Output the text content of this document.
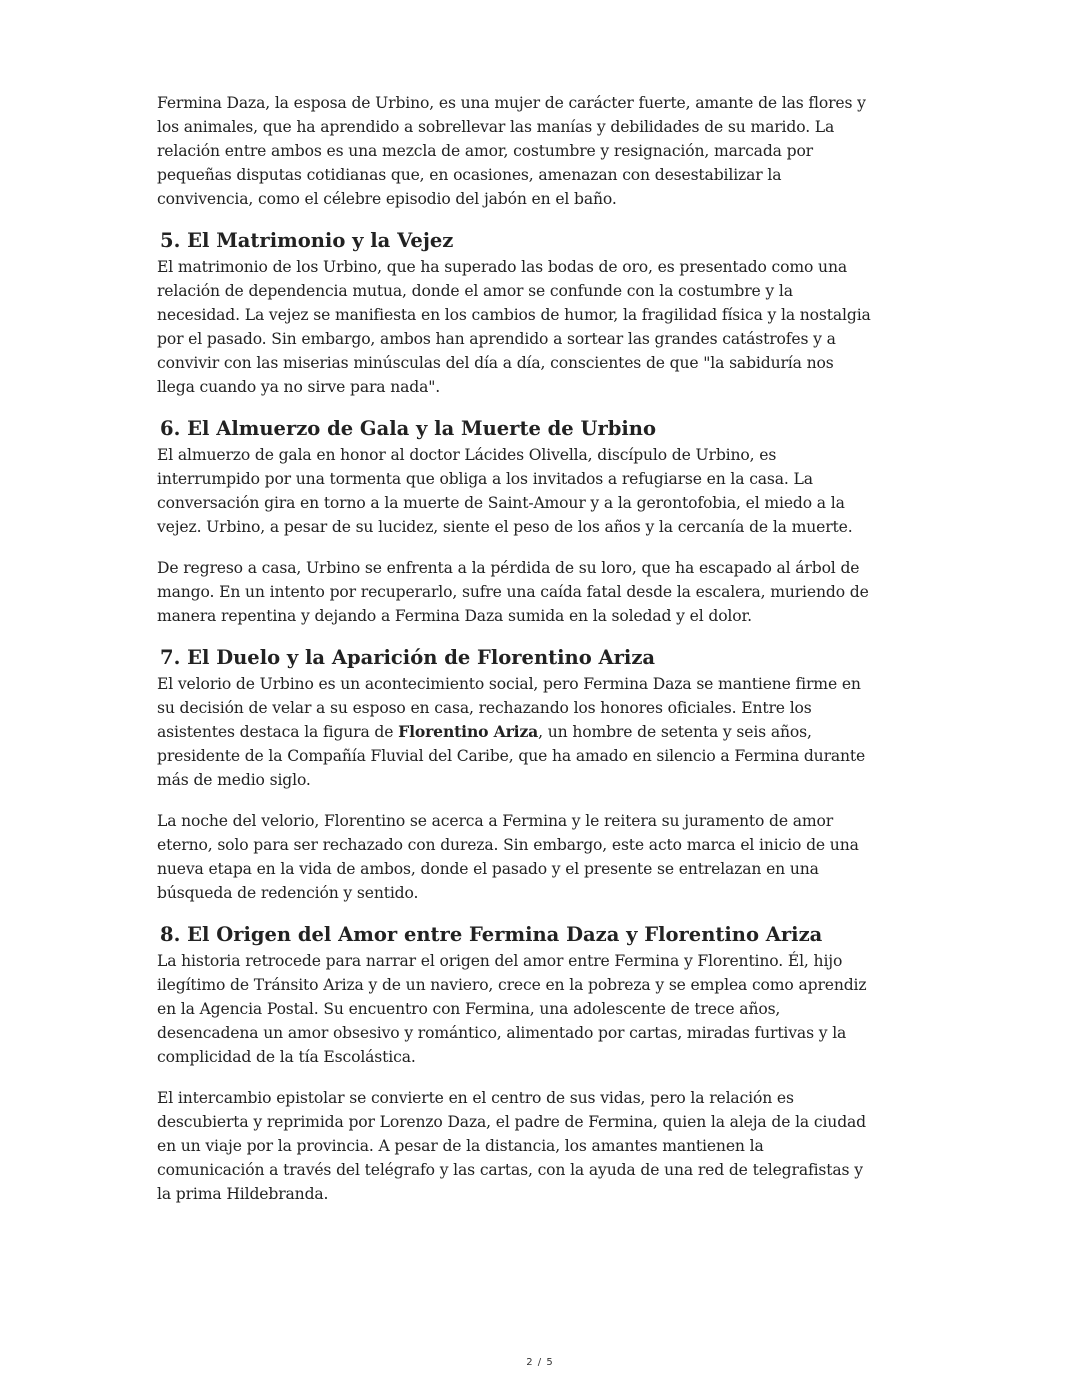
Fermina Daza, la esposa de Urbino, es una mujer de carácter fuerte, amante de las flores y
los animales, que ha aprendido a sobrellevar las manías y debilidades de su marido. La
relación entre ambos es una mezcla de amor, costumbre y resignación, marcada por
pequeñas disputas cotidianas que, en ocasiones, amenazan con desestabilizar la
convivencia, como el célebre episodio del jabón en el baño.

5. El Matrimonio y la Vejez

El matrimonio de los Urbino, que ha superado las bodas de oro, es presentado como una
relación de dependencia mutua, donde el amor se confunde con la costumbre y la
necesidad. La vejez se manifiesta en los cambios de humor, la fragilidad física y la nostalgia
por el pasado. Sin embargo, ambos han aprendido a sortear las grandes catástrofes y a
convivir con las miserias minúsculas del día a día, conscientes de que "la sabiduría nos
llega cuando ya no sirve para nada".

6. El Almuerzo de Gala y la Muerte de Urbino

El almuerzo de gala en honor al doctor Lácides Olivella, discípulo de Urbino, es
interrumpido por una tormenta que obliga a los invitados a refugiarse en la casa. La
conversación gira en torno a la muerte de Saint-Amour y a la gerontofobia, el miedo a la
vejez. Urbino, a pesar de su lucidez, siente el peso de los años y la cercanía de la muerte.

De regreso a casa, Urbino se enfrenta a la pérdida de su loro, que ha escapado al árbol de
mango. En un intento por recuperarlo, sufre una caída fatal desde la escalera, muriendo de
manera repentina y dejando a Fermina Daza sumida en la soledad y el dolor.

7. El Duelo y la Aparición de Florentino Ariza

El velorio de Urbino es un acontecimiento social, pero Fermina Daza se mantiene firme en
su decisión de velar a su esposo en casa, rechazando los honores oficiales. Entre los
asistentes destaca la figura de Florentino Ariza, un hombre de setenta y seis años,
presidente de la Compañía Fluvial del Caribe, que ha amado en silencio a Fermina durante
más de medio siglo.

La noche del velorio, Florentino se acerca a Fermina y le reitera su juramento de amor
eterno, solo para ser rechazado con dureza. Sin embargo, este acto marca el inicio de una
nueva etapa en la vida de ambos, donde el pasado y el presente se entrelazan en una
búsqueda de redención y sentido.

8. El Origen del Amor entre Fermina Daza y Florentino Ariza

La historia retrocede para narrar el origen del amor entre Fermina y Florentino. Él, hijo
ilegítimo de Tránsito Ariza y de un naviero, crece en la pobreza y se emplea como aprendiz
en la Agencia Postal. Su encuentro con Fermina, una adolescente de trece años,
desencadena un amor obsesivo y romántico, alimentado por cartas, miradas furtivas y la
complicidad de la tía Escolástica.

El intercambio epistolar se convierte en el centro de sus vidas, pero la relación es
descubierta y reprimida por Lorenzo Daza, el padre de Fermina, quien la aleja de la ciudad
en un viaje por la provincia. A pesar de la distancia, los amantes mantienen la
comunicación a través del telégrafo y las cartas, con la ayuda de una red de telegrafistas y
la prima Hildebranda.

2 / 5
